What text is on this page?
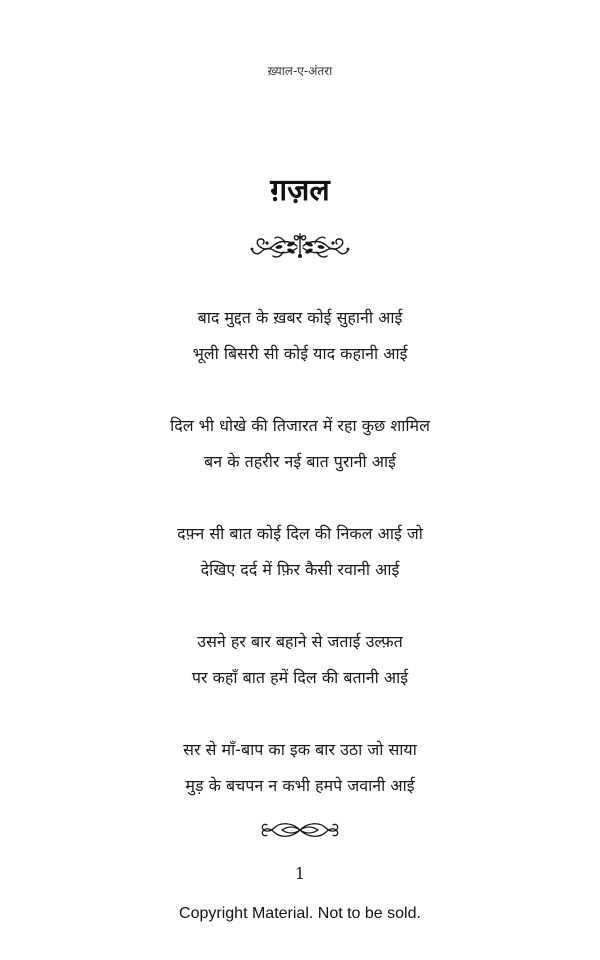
ख़्याल-ए-अंतरा
ग़ज़ल
बाद मुद्दत के ख़बर कोई सुहानी आई
भूली बिसरी सी कोई याद कहानी आई
दिल भी धोखे की तिजारत में रहा कुछ शामिल
बन के तहरीर नई बात पुरानी आई
दफ़्न सी बात कोई दिल की निकल आई जो
देखिए दर्द में फ़िर कैसी रवानी आई
उसने हर बार बहाने से जताई उल्फ़त
पर कहाँ बात हमें दिल की बतानी आई
सर से माँ-बाप का इक बार उठा जो साया
मुड़ के बचपन न कभी हमपे जवानी आई
1
Copyright Material. Not to be sold.
